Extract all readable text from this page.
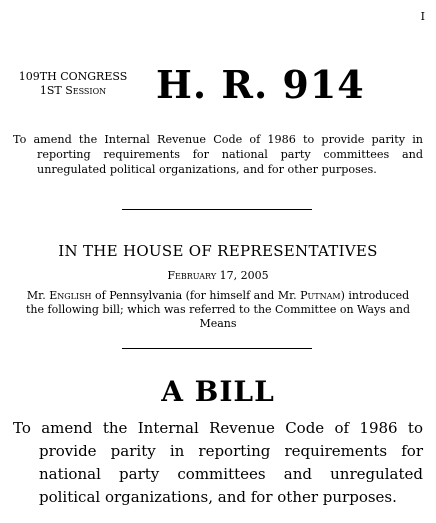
I
109TH CONGRESS
1ST Session	H. R. 914
To amend the Internal Revenue Code of 1986 to provide parity in reporting requirements for national party committees and unregulated political organizations, and for other purposes.
IN THE HOUSE OF REPRESENTATIVES
February 17, 2005
Mr. English of Pennsylvania (for himself and Mr. Putnam) introduced the following bill; which was referred to the Committee on Ways and Means
A BILL
To amend the Internal Revenue Code of 1986 to provide parity in reporting requirements for national party committees and unregulated political organizations, and for other purposes.
